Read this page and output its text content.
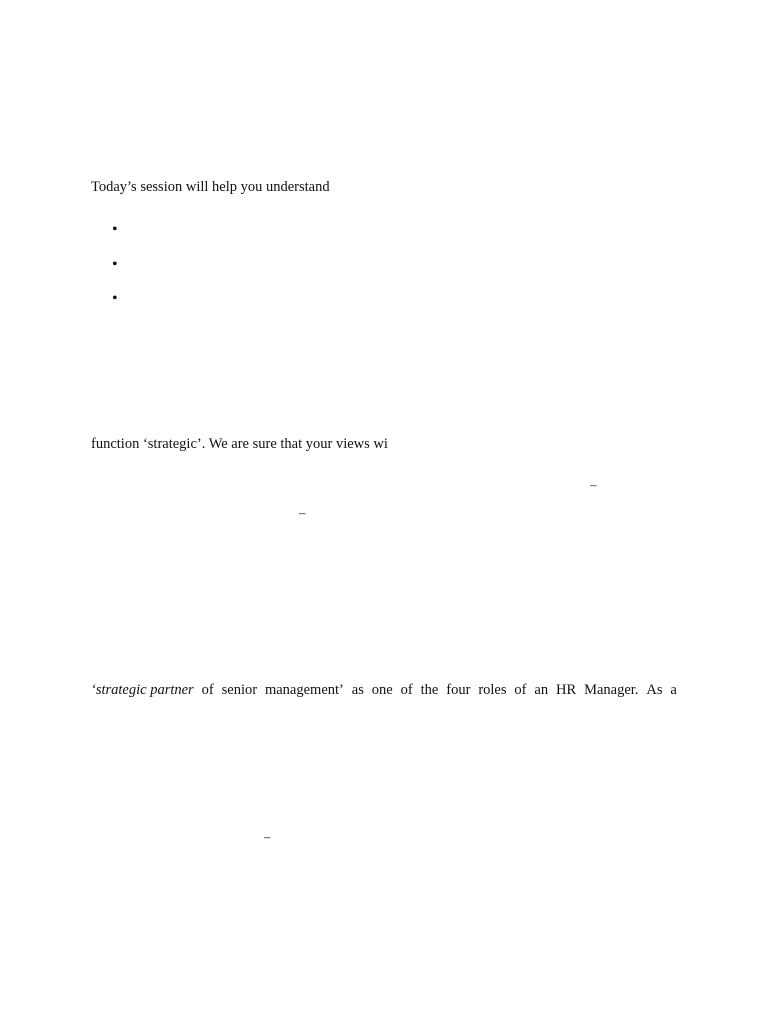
Today’s session will help you understand
•
•
•
function ‘strategic’. We are sure that your views wi
–
–
‘strategic partner of senior management’ as one of the four roles of an HR Manager. As a
–
